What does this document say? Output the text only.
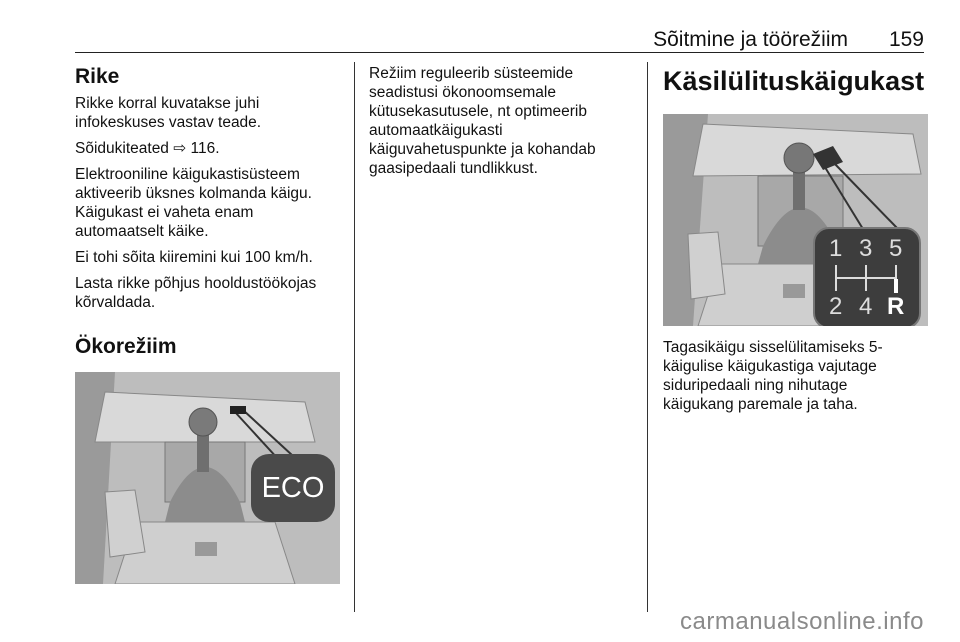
Sõitmine ja töörežiim 159
Rike

Rikke korral kuvatakse juhi
infokeskuses vastav teade.

Sõidukiteated ⇨ 116.

Elektrooniline käigukastisüsteem
aktiveerib üksnes kolmanda käigu.
Käigukast ei vaheta enam
automaatselt käike.

Ei tohi sõita kiiremini kui 100 km/h.

Lasta rikke põhjus hooldustöökojas
kõrvaldada.

Ökorežiim
ECO

Režiim reguleerib süsteemide
seadistusi ökonoomsemale
kütusekasutusele, nt optimeerib
automaatkäigukasti
käiguvahetuspunkte ja kohandab
gaasipedaali tundlikkust.

Käsilülituskäigukast
1 3 5
2 4 R

Tagasikäigu sisselülitamiseks 5-
käigulise käigukastiga vajutage
siduripedaali ning nihutage
käigukang paremale ja taha.

carmanualsonline.info
